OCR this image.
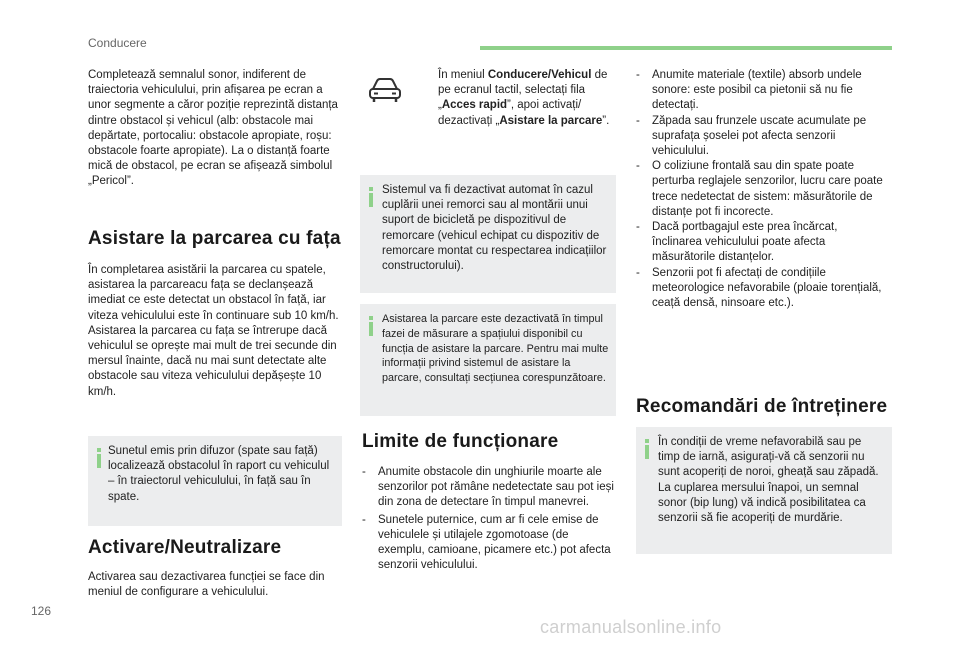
Conducere

Completează semnalul sonor, indiferent de traiectoria vehiculului, prin afișarea pe ecran a unor segmente a căror poziție reprezintă distanța dintre obstacol și vehicul (alb: obstacole mai depărtate, portocaliu: obstacole apropiate, roșu: obstacole foarte apropiate). La o distanță foarte mică de obstacol, pe ecran se afișează simbolul „Pericol”.

Asistare la parcarea cu fața

În completarea asistării la parcarea cu spatele, asistarea la parcareacu fața se declanșează imediat ce este detectat un obstacol în față, iar viteza vehiculului este în continuare sub 10 km/h. Asistarea la parcarea cu fața se întrerupe dacă vehiculul se oprește mai mult de trei secunde din mersul înainte, dacă nu mai sunt detectate alte obstacole sau viteza vehiculului depășește 10 km/h.

Sunetul emis prin difuzor (spate sau față) localizează obstacolul în raport cu vehiculul – în traiectorul vehiculului, în față sau în spate.
Activare/Neutralizare

Activarea sau dezactivarea funcției se face din meniul de configurare a vehiculului.

În meniul Conducere/Vehicul de pe ecranul tactil, selectați fila „Acces rapid”, apoi activați/ dezactivați „Asistare la parcare”.
Sistemul va fi dezactivat automat în cazul cuplării unei remorci sau al montării unui suport de bicicletă pe dispozitivul de remorcare (vehicul echipat cu dispozitiv de remorcare montat cu respectarea indicațiilor constructorului).
Asistarea la parcare este dezactivată în timpul fazei de măsurare a spațiului disponibil cu funcția de asistare la parcare. Pentru mai multe informații privind sistemul de asistare la parcare, consultați secțiunea corespunzătoare.
Limite de funcționare
- Anumite obstacole din unghiurile moarte ale senzorilor pot rămâne nedetectate sau pot ieși din zona de detectare în timpul manevrei.
- Sunetele puternice, cum ar fi cele emise de vehiculele și utilajele zgomotoase (de exemplu, camioane, picamere etc.) pot afecta senzorii vehiculului.
- Anumite materiale (textile) absorb undele sonore: este posibil ca pietonii să nu fie detectați.
- Zăpada sau frunzele uscate acumulate pe suprafața șoselei pot afecta senzorii vehiculului.
- O coliziune frontală sau din spate poate perturba reglajele senzorilor, lucru care poate trece nedetectat de sistem: măsurătorile de distanțe pot fi incorecte.
- Dacă portbagajul este prea încărcat, înclinarea vehiculului poate afecta măsurătorile distanțelor.
- Senzorii pot fi afectați de condițiile meteorologice nefavorabile (ploaie torențială, ceață densă, ninsoare etc.).
Recomandări de întreținere
În condiții de vreme nefavorabilă sau pe timp de iarnă, asigurați-vă că senzorii nu sunt acoperiți de noroi, gheață sau zăpadă. La cuplarea mersului înapoi, un semnal sonor (bip lung) vă indică posibilitatea ca senzorii să fie acoperiți de murdărie.
126
carmanualsonline.info
